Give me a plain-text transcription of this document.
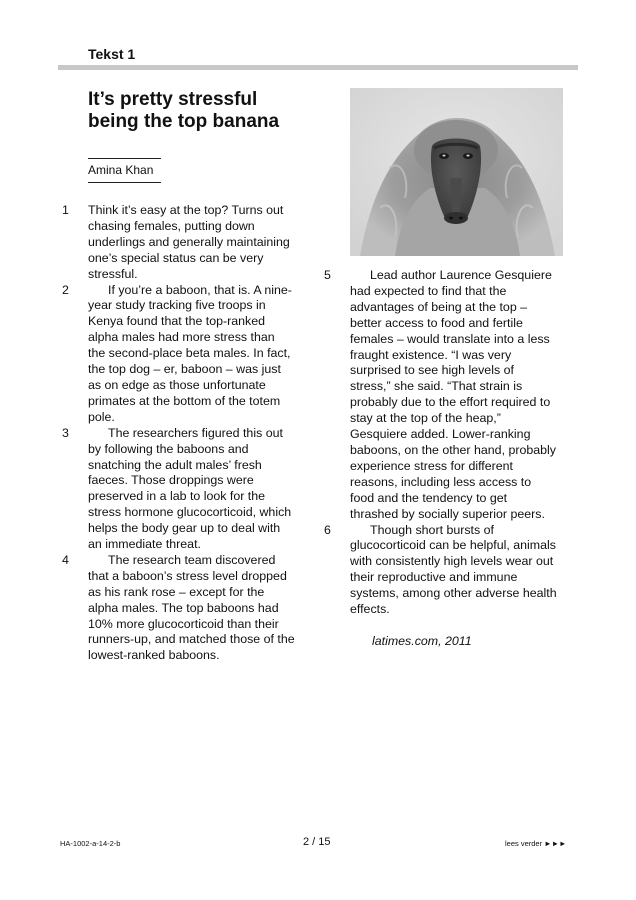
Tekst 1
It’s pretty stressful
being the top banana
Amina Khan
1 Think it’s easy at the top? Turns out
chasing females, putting down
underlings and generally maintaining
one’s special status can be very
stressful.
2	If you’re a baboon, that is. A nine-
year study tracking five troops in
Kenya found that the top-ranked
alpha males had more stress than
the second-place beta males. In fact,
the top dog – er, baboon – was just
as on edge as those unfortunate
primates at the bottom of the totem
pole.
3	The researchers figured this out
by following the baboons and
snatching the adult males’ fresh
faeces. Those droppings were
preserved in a lab to look for the
stress hormone glucocorticoid, which
helps the body gear up to deal with
an immediate threat.
4	The research team discovered
that a baboon’s stress level dropped
as his rank rose – except for the
alpha males. The top baboons had
10% more glucocorticoid than their
runners-up, and matched those of the
lowest-ranked baboons.
5	Lead author Laurence Gesquiere
had expected to find that the
advantages of being at the top –
better access to food and fertile
females – would translate into a less
fraught existence. “I was very
surprised to see high levels of
stress,” she said. “That strain is
probably due to the effort required to
stay at the top of the heap,”
Gesquiere added. Lower-ranking
baboons, on the other hand, probably
experience stress for different
reasons, including less access to
food and the tendency to get
thrashed by socially superior peers.
6	Though short bursts of
glucocorticoid can be helpful, animals
with consistently high levels wear out
their reproductive and immune
systems, among other adverse health
effects.
latimes.com, 2011
HA-1002-a-14-2-b	2 / 15	lees verder ►►►
